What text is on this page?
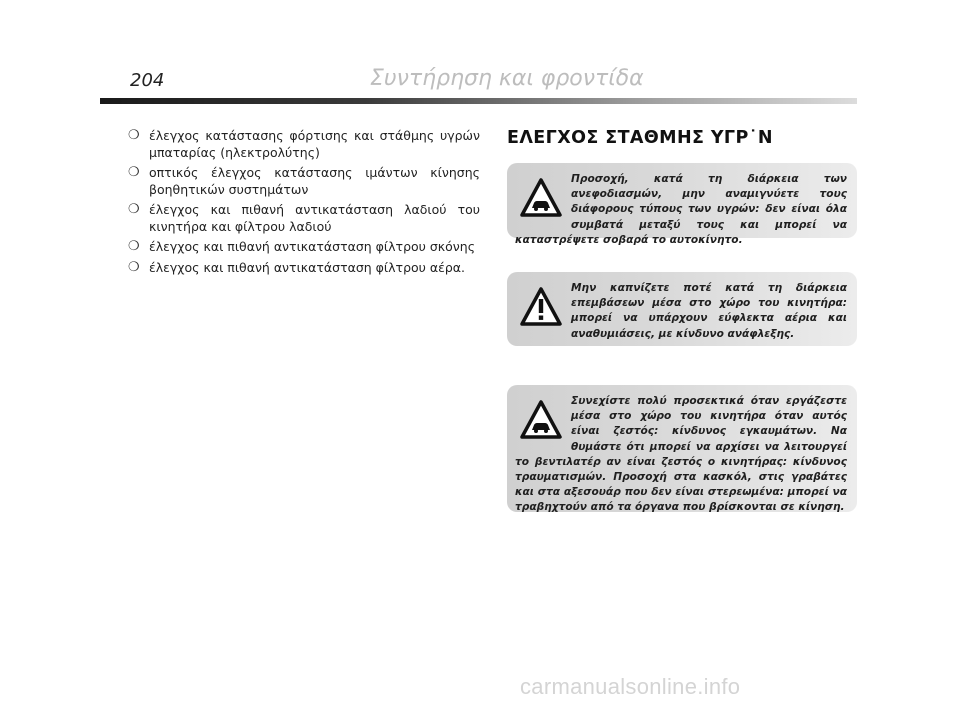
204	Συντήρηση και φροντίδα
❍ έλεγχος κατάστασης φόρτισης και στάθμης υγρών μπαταρίας (ηλεκτρολύτης)
❍ οπτικός έλεγχος κατάστασης ιμάντων κίνησης βοηθητικών συστημάτων
❍ έλεγχος και πιθανή αντικατάσταση λαδιού του κινητήρα και φίλτρου λαδιού
❍ έλεγχος και πιθανή αντικατάσταση φίλτρου σκόνης
❍ έλεγχος και πιθανή αντικατάσταση φίλτρου αέρα.
ΕΛΕΓΧΟΣ ΣΤΑΘΜΗΣ ΥΓΡ˙Ν
Προσοχή, κατά τη διάρκεια των ανεφοδιασμών, μην αναμιγνύετε τους διάφορους τύπους των υγρών: δεν είναι όλα συμβατά μεταξύ τους και μπορεί να καταστρέψετε σοβαρά το αυτοκίνητο.
Μην καπνίζετε ποτέ κατά τη διάρκεια επεμβάσεων μέσα στο χώρο του κινητήρα: μπορεί να υπάρχουν εύφλεκτα αέρια και αναθυμιάσεις, με κίνδυνο ανάφλεξης.
Συνεχίστε πολύ προσεκτικά όταν εργάζεστε μέσα στο χώρο του κινητήρα όταν αυτός είναι ζεστός: κίνδυνος εγκαυμάτων. Να θυμάστε ότι μπορεί να αρχίσει να λειτουργεί το βεντιλατέρ αν είναι ζεστός ο κινητήρας: κίνδυνος τραυματισμών. Προσοχή στα κασκόλ, στις γραβάτες και στα αξεσουάρ που δεν είναι στερεωμένα: μπορεί να τραβηχτούν από τα όργανα που βρίσκονται σε κίνηση.
carmanualsonline.info
